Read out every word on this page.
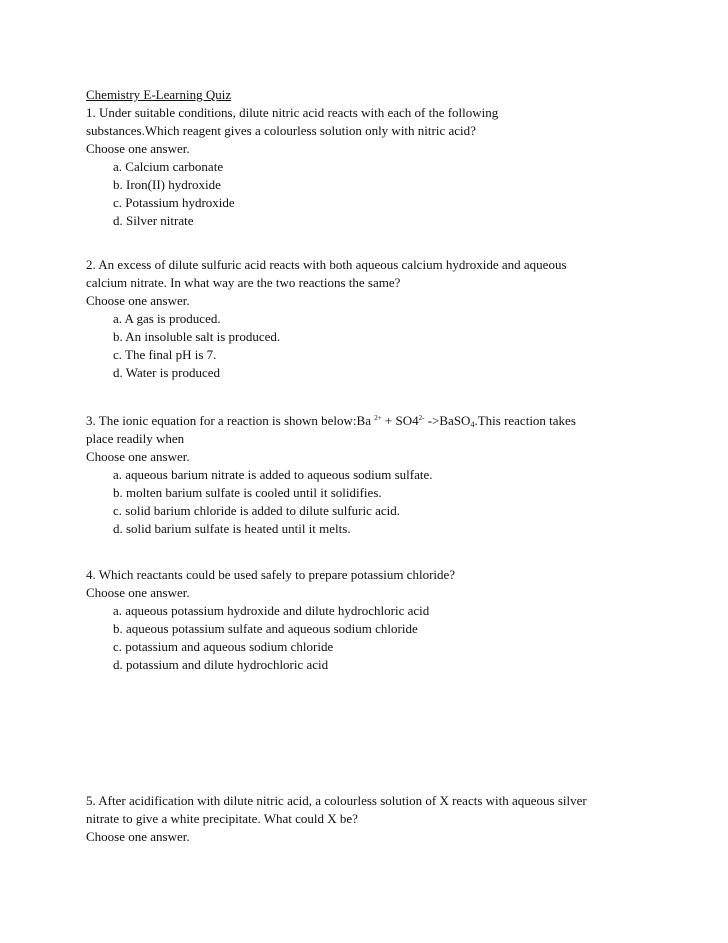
Chemistry E-Learning Quiz
1. Under suitable conditions, dilute nitric acid reacts with each of the following
substances.Which reagent gives a colourless solution only with nitric acid?
Choose one answer.
a. Calcium carbonate
b. Iron(II) hydroxide
c. Potassium hydroxide
d. Silver nitrate
2. An excess of dilute sulfuric acid reacts with both aqueous calcium hydroxide and aqueous
calcium nitrate. In what way are the two reactions the same?
Choose one answer.
a. A gas is produced.
b. An insoluble salt is produced.
c. The final pH is 7.
d. Water is produced
3. The ionic equation for a reaction is shown below:Ba $^{2+} + SO4^{2-}$ ->BaSO$_4$.This reaction takes
place readily when
Choose one answer.
a. aqueous barium nitrate is added to aqueous sodium sulfate.
b. molten barium sulfate is cooled until it solidifies.
c. solid barium chloride is added to dilute sulfuric acid.
d. solid barium sulfate is heated until it melts.
4. Which reactants could be used safely to prepare potassium chloride?
Choose one answer.
a. aqueous potassium hydroxide and dilute hydrochloric acid
b. aqueous potassium sulfate and aqueous sodium chloride
c. potassium and aqueous sodium chloride
d. potassium and dilute hydrochloric acid
5. After acidification with dilute nitric acid, a colourless solution of X reacts with aqueous silver
nitrate to give a white precipitate. What could X be?
Choose one answer.
